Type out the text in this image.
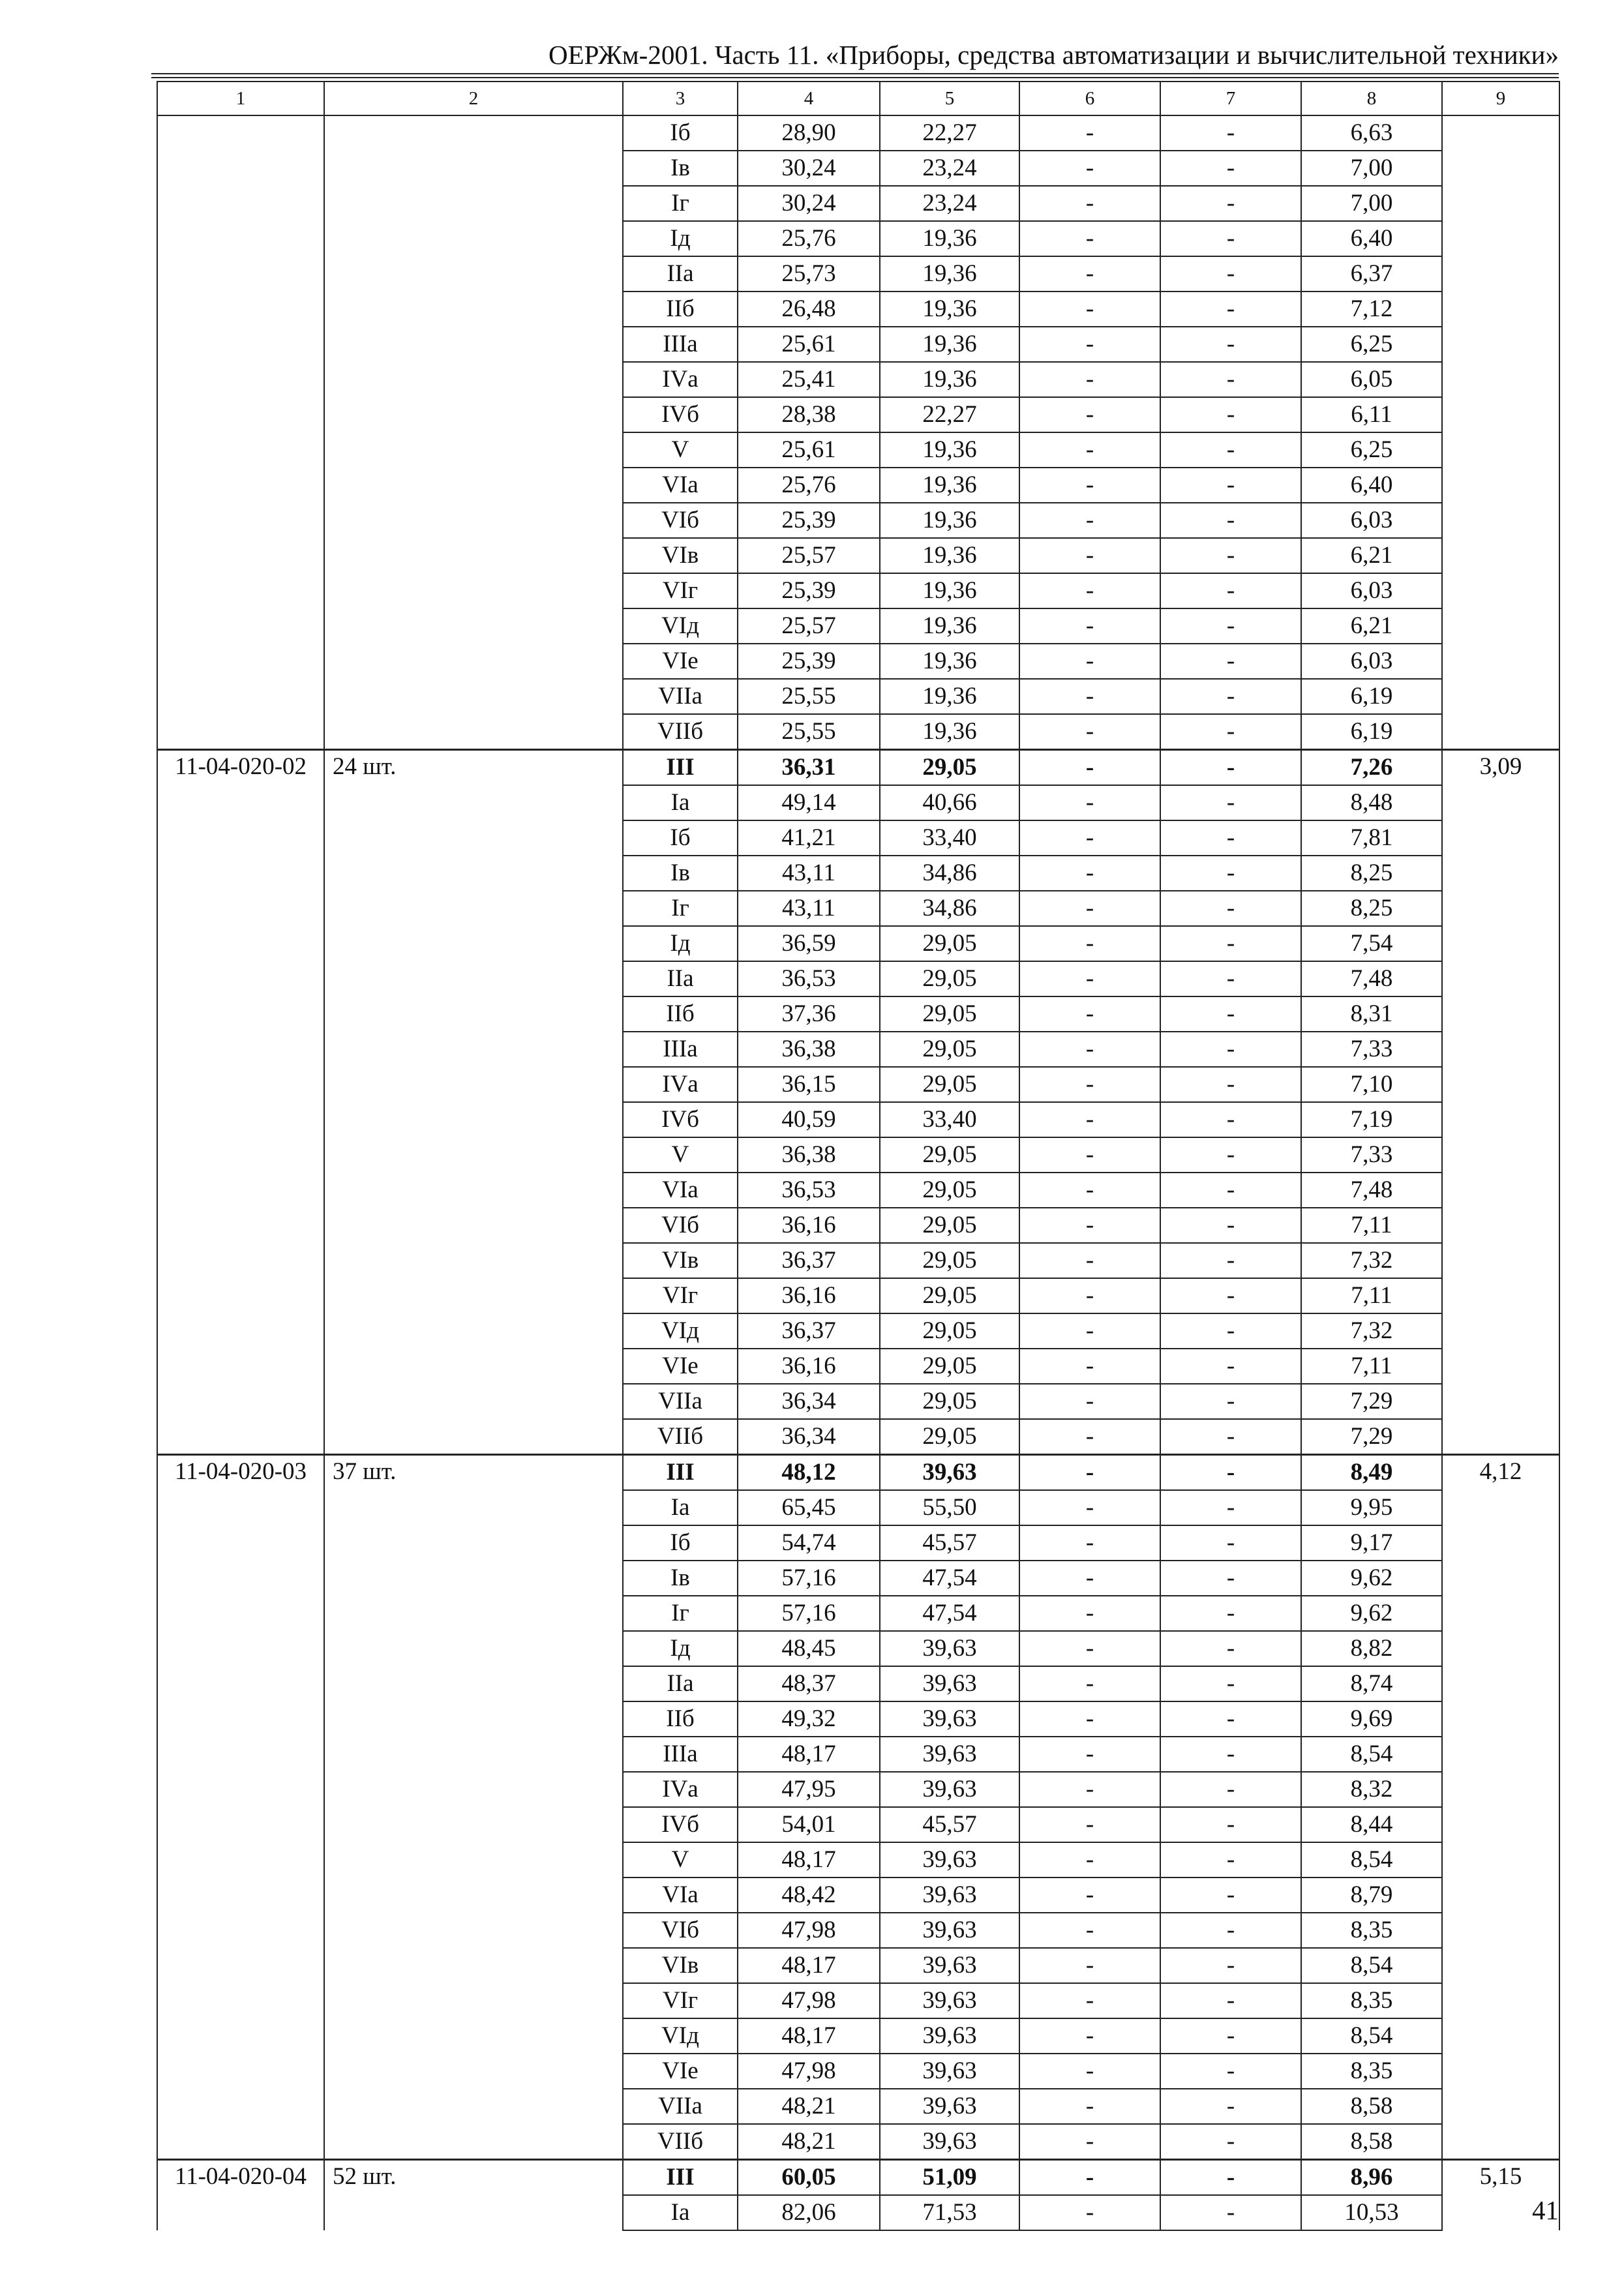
ОЕРЖм-2001. Часть 11. «Приборы, средства автоматизации и вычислительной техники»
1	2	3	4	5	6	7	8	9
		Iб	28,90	22,27	-	-	6,63	
		Iв	30,24	23,24	-	-	7,00	
		Iг	30,24	23,24	-	-	7,00	
		Iд	25,76	19,36	-	-	6,40	
		IIа	25,73	19,36	-	-	6,37	
		IIб	26,48	19,36	-	-	7,12	
		IIIа	25,61	19,36	-	-	6,25	
		IVа	25,41	19,36	-	-	6,05	
		IVб	28,38	22,27	-	-	6,11	
		V	25,61	19,36	-	-	6,25	
		VIа	25,76	19,36	-	-	6,40	
		VIб	25,39	19,36	-	-	6,03	
		VIв	25,57	19,36	-	-	6,21	
		VIг	25,39	19,36	-	-	6,03	
		VIд	25,57	19,36	-	-	6,21	
		VIе	25,39	19,36	-	-	6,03	
		VIIа	25,55	19,36	-	-	6,19	
		VIIб	25,55	19,36	-	-	6,19	
11-04-020-02	24 шт.	III	36,31	29,05	-	-	7,26	3,09
		Iа	49,14	40,66	-	-	8,48	
		Iб	41,21	33,40	-	-	7,81	
		Iв	43,11	34,86	-	-	8,25	
		Iг	43,11	34,86	-	-	8,25	
		Iд	36,59	29,05	-	-	7,54	
		IIа	36,53	29,05	-	-	7,48	
		IIб	37,36	29,05	-	-	8,31	
		IIIа	36,38	29,05	-	-	7,33	
		IVа	36,15	29,05	-	-	7,10	
		IVб	40,59	33,40	-	-	7,19	
		V	36,38	29,05	-	-	7,33	
		VIа	36,53	29,05	-	-	7,48	
		VIб	36,16	29,05	-	-	7,11	
		VIв	36,37	29,05	-	-	7,32	
		VIг	36,16	29,05	-	-	7,11	
		VIд	36,37	29,05	-	-	7,32	
		VIе	36,16	29,05	-	-	7,11	
		VIIа	36,34	29,05	-	-	7,29	
		VIIб	36,34	29,05	-	-	7,29	
11-04-020-03	37 шт.	III	48,12	39,63	-	-	8,49	4,12
		Iа	65,45	55,50	-	-	9,95	
		Iб	54,74	45,57	-	-	9,17	
		Iв	57,16	47,54	-	-	9,62	
		Iг	57,16	47,54	-	-	9,62	
		Iд	48,45	39,63	-	-	8,82	
		IIа	48,37	39,63	-	-	8,74	
		IIб	49,32	39,63	-	-	9,69	
		IIIа	48,17	39,63	-	-	8,54	
		IVа	47,95	39,63	-	-	8,32	
		IVб	54,01	45,57	-	-	8,44	
		V	48,17	39,63	-	-	8,54	
		VIа	48,42	39,63	-	-	8,79	
		VIб	47,98	39,63	-	-	8,35	
		VIв	48,17	39,63	-	-	8,54	
		VIг	47,98	39,63	-	-	8,35	
		VIд	48,17	39,63	-	-	8,54	
		VIе	47,98	39,63	-	-	8,35	
		VIIа	48,21	39,63	-	-	8,58	
		VIIб	48,21	39,63	-	-	8,58	
11-04-020-04	52 шт.	III	60,05	51,09	-	-	8,96	5,15
		Iа	82,06	71,53	-	-	10,53		41
